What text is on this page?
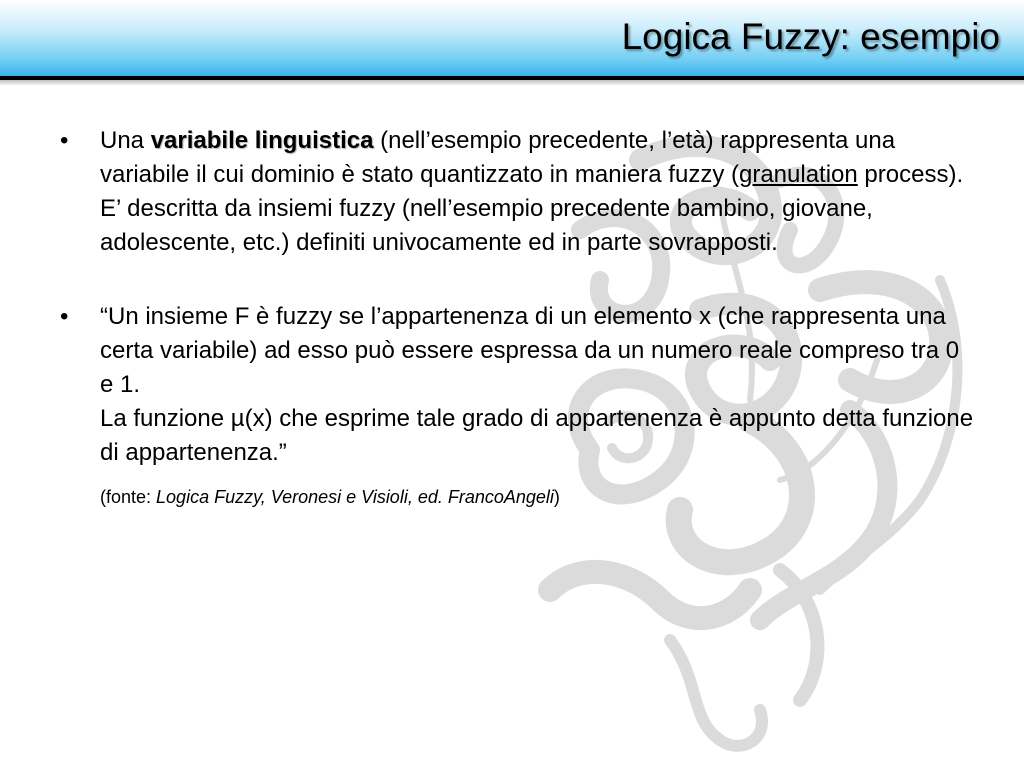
Logica Fuzzy: esempio

• Una variabile linguistica (nell’esempio precedente, l’età) rappresenta una variabile il cui dominio è stato quantizzato in maniera fuzzy (granulation process). E’ descritta da insiemi fuzzy (nell’esempio precedente bambino, giovane, adolescente, etc.) definiti univocamente ed in parte sovrapposti.

• “Un insieme F è fuzzy se l’appartenenza di un elemento x (che rappresenta una certa variabile) ad esso può essere espressa da un numero reale compreso tra 0 e 1.
La funzione µ(x) che esprime tale grado di appartenenza è appunto detta funzione di appartenenza.”

(fonte: Logica Fuzzy, Veronesi e Visioli, ed. FrancoAngeli)
